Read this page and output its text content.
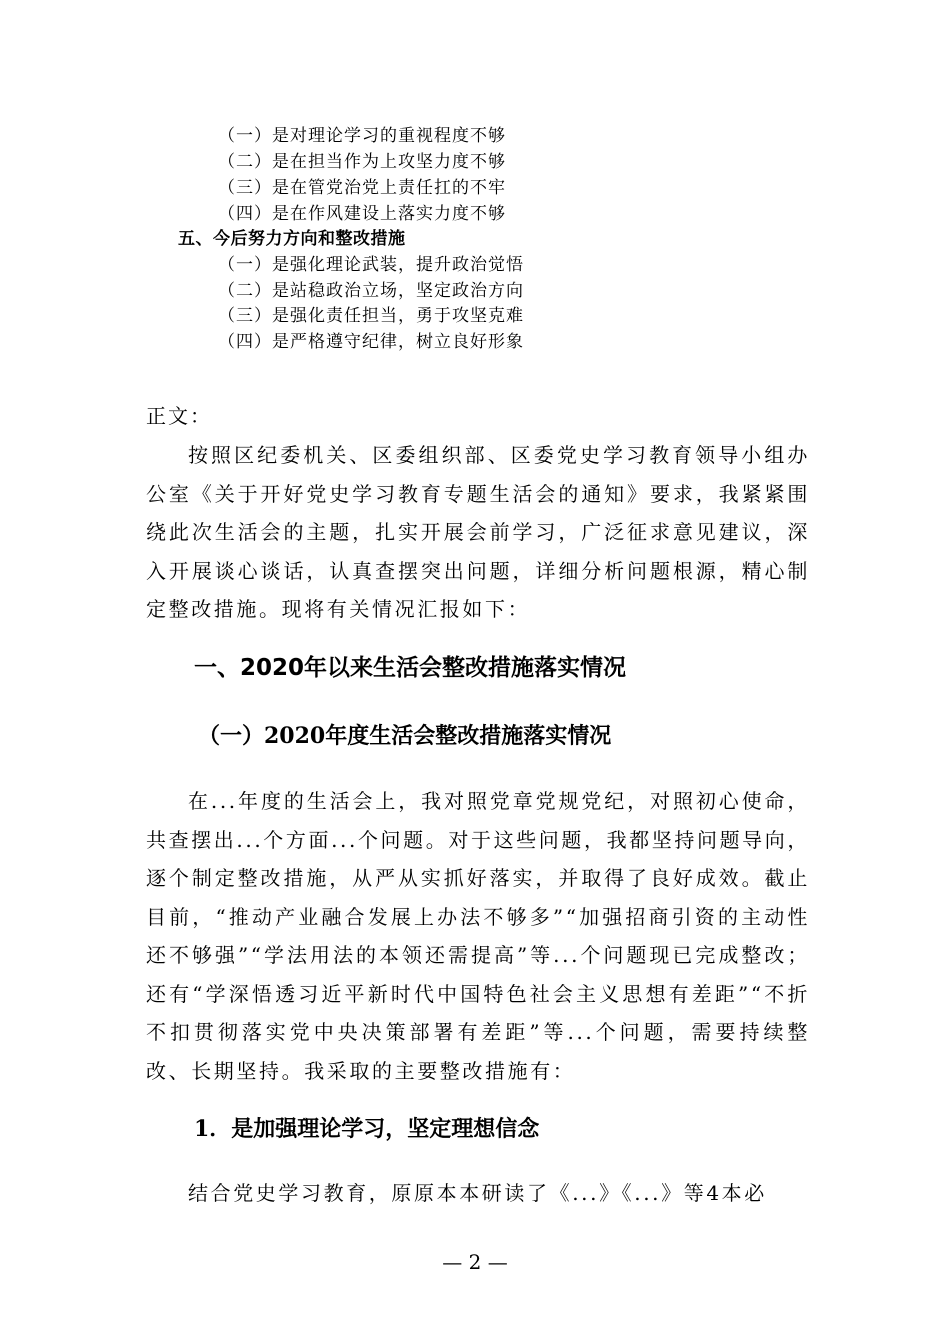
（一）是对理论学习的重视程度不够
（二）是在担当作为上攻坚力度不够
（三）是在管党治党上责任扛的不牢
（四）是在作风建设上落实力度不够
五、今后努力方向和整改措施
（一）是强化理论武装，提升政治觉悟
（二）是站稳政治立场，坚定政治方向
（三）是强化责任担当，勇于攻坚克难
（四）是严格遵守纪律，树立良好形象
正文：
按照区纪委机关、区委组织部、区委党史学习教育领导小组办公室《关于开好党史学习教育专题生活会的通知》要求，我紧紧围绕此次生活会的主题，扎实开展会前学习，广泛征求意见建议，深入开展谈心谈话，认真查摆突出问题，详细分析问题根源，精心制定整改措施。现将有关情况汇报如下：
一、2020年以来生活会整改措施落实情况
（一）2020年度生活会整改措施落实情况
在...年度的生活会上，我对照党章党规党纪，对照初心使命，共查摆出...个方面...个问题。对于这些问题，我都坚持问题导向，逐个制定整改措施，从严从实抓好落实，并取得了良好成效。截止目前，“推动产业融合发展上办法不够多”“加强招商引资的主动性还不够强”“学法用法的本领还需提高”等...个问题现已完成整改；还有“学深悟透习近平新时代中国特色社会主义思想有差距”“不折不扣贯彻落实党中央决策部署有差距”等...个问题，需要持续整改、长期坚持。我采取的主要整改措施有：
1．是加强理论学习，坚定理想信念
结合党史学习教育，原原本本研读了《...》《...》等4本必
— 2 —
